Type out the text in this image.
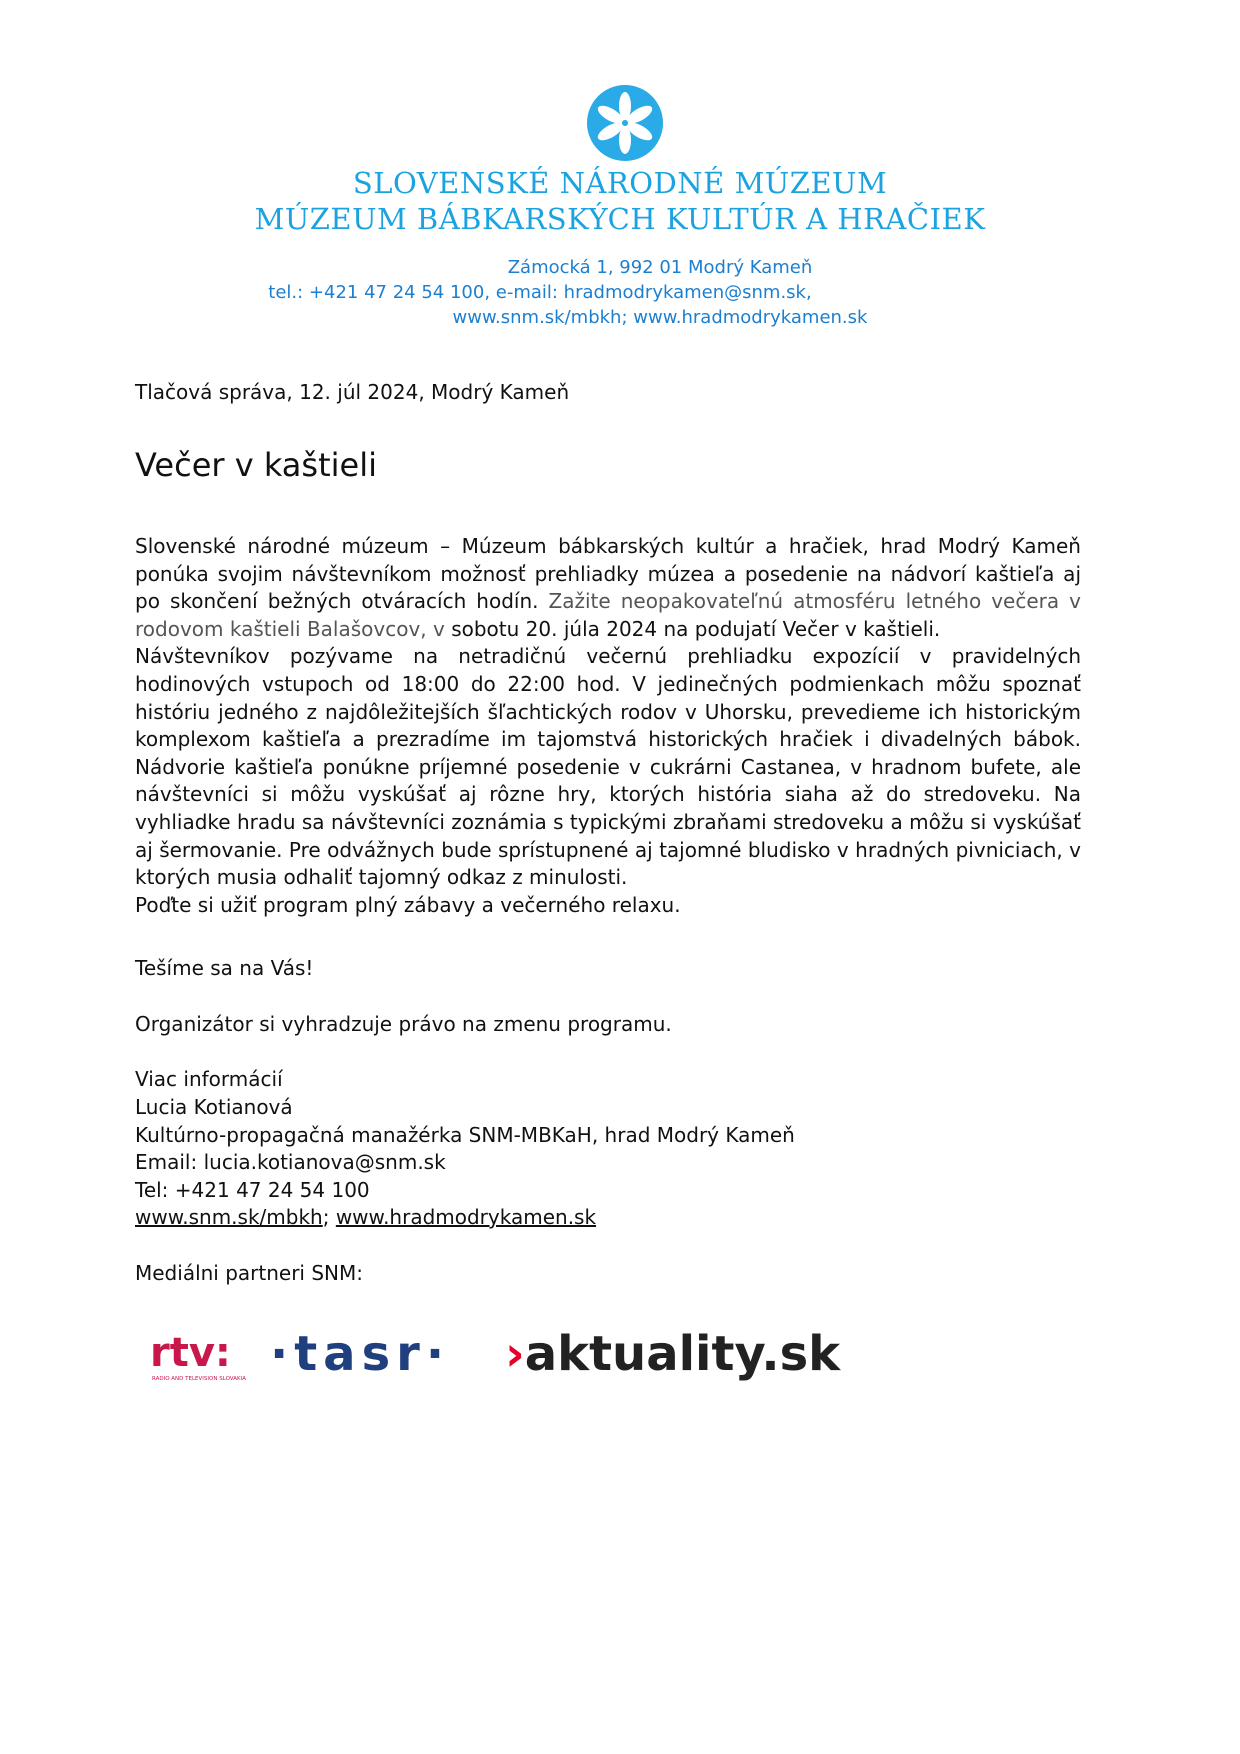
SLOVENSKÉ NÁRODNÉ MÚZEUM
MÚZEUM BÁBKARSKÝCH KULTÚR A HRAČIEK
Zámocká 1, 992 01 Modrý Kameň
tel.: +421 47 24 54 100, e-mail: hradmodrykamen@snm.sk,
www.snm.sk/mbkh; www.hradmodrykamen.sk
Tlačová správa, 12. júl 2024, Modrý Kameň
Večer v kaštieli

Slovenské národné múzeum – Múzeum bábkarských kultúr a hračiek, hrad Modrý Kameň ponúka svojim návštevníkom možnosť prehliadky múzea a posedenie na nádvorí kaštieľa aj po skončení bežných otváracích hodín. Zažite neopakovateľnú atmosféru letného večera v rodovom kaštieli Balašovcov, v sobotu 20. júla 2024 na podujatí Večer v kaštieli.

Návštevníkov pozývame na netradičnú večernú prehliadku expozícií v pravidelných hodinových vstupoch od 18:00 do 22:00 hod. V jedinečných podmienkach môžu spoznať históriu jedného z najdôležitejších šľachtických rodov v Uhorsku, prevedieme ich historickým komplexom kaštieľa a prezradíme im tajomstvá historických hračiek i divadelných bábok. Nádvorie kaštieľa ponúkne príjemné posedenie v cukrárni Castanea, v hradnom bufete, ale návštevníci si môžu vyskúšať aj rôzne hry, ktorých história siaha až do stredoveku. Na vyhliadke hradu sa návštevníci zoznámia s typickými zbraňami stredoveku a môžu si vyskúšať aj šermovanie. Pre odvážnych bude sprístupnené aj tajomné bludisko v hradných pivniciach, v ktorých musia odhaliť tajomný odkaz z minulosti.

Poďte si užiť program plný zábavy a večerného relaxu.

Tešíme sa na Vás!
Organizátor si vyhradzuje právo na zmenu programu.
Viac informácií
Lucia Kotianová
Kultúrno-propagačná manažérka SNM-MBKaH, hrad Modrý Kameň
Email: lucia.kotianova@snm.sk
Tel: +421 47 24 54 100
www.snm.sk/mbkh; www.hradmodrykamen.sk
Mediálni partneri SNM:
rtv:
RADIO AND TELEVISION SLOVAKIA ·tasr· ›aktuality.sk
